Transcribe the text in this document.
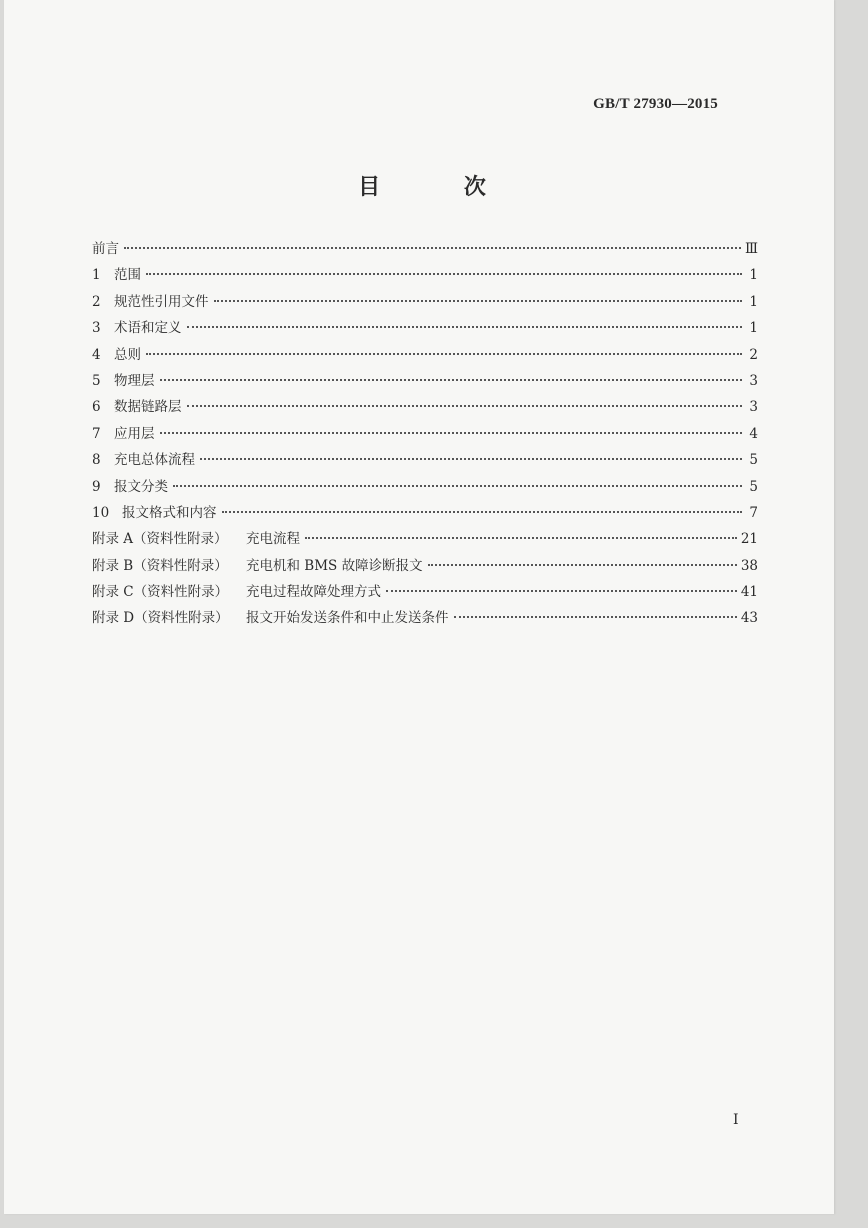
GB/T 27930—2015
目 次
前言	Ⅲ
1 范围	1
2 规范性引用文件	1
3 术语和定义	1
4 总则	2
5 物理层	3
6 数据链路层	3
7 应用层	4
8 充电总体流程	5
9 报文分类	5
10 报文格式和内容	7
附录 A（资料性附录）	充电流程	21
附录 B（资料性附录）	充电机和 BMS 故障诊断报文	38
附录 C（资料性附录）	充电过程故障处理方式	41
附录 D（资料性附录）	报文开始发送条件和中止发送条件	43
I
